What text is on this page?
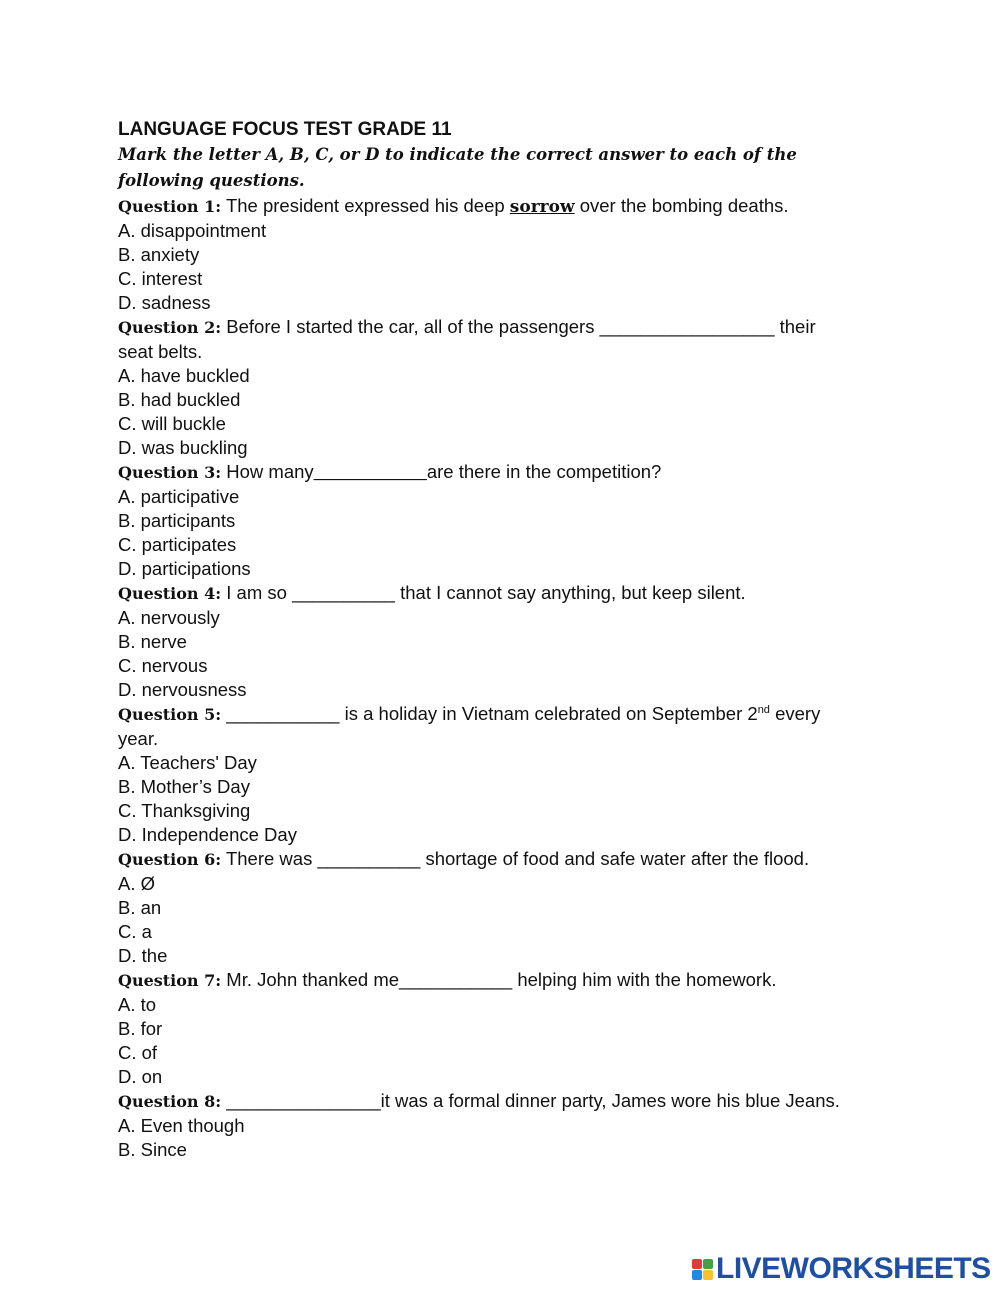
LANGUAGE FOCUS TEST GRADE 11

Mark the letter A, B, C, or D to indicate the correct answer to each of the following questions.

Question 1: The president expressed his deep sorrow over the bombing deaths.

A. disappointment

B. anxiety

C. interest

D. sadness

Question 2: Before I started the car, all of the passengers _________________ their

seat belts.

A. have buckled

B. had buckled

C. will buckle

D. was buckling

Question 3: How many___________are there in the competition?

A. participative

B. participants

C. participates

D. participations

Question 4: I am so __________ that I cannot say anything, but keep silent.

A. nervously

B. nerve

C. nervous

D. nervousness

Question 5: ___________ is a holiday in Vietnam celebrated on September 2nd every

year.

A. Teachers' Day

B. Mother’s Day

C. Thanksgiving

D. Independence Day

Question 6: There was __________ shortage of food and safe water after the flood.

A. Ø

B. an

C. a

D. the

Question 7: Mr. John thanked me___________ helping him with the homework.

A. to

B. for

C. of

D. on

Question 8: _______________it was a formal dinner party, James wore his blue Jeans.

A. Even though

B. Since

LIVEWORKSHEETS
